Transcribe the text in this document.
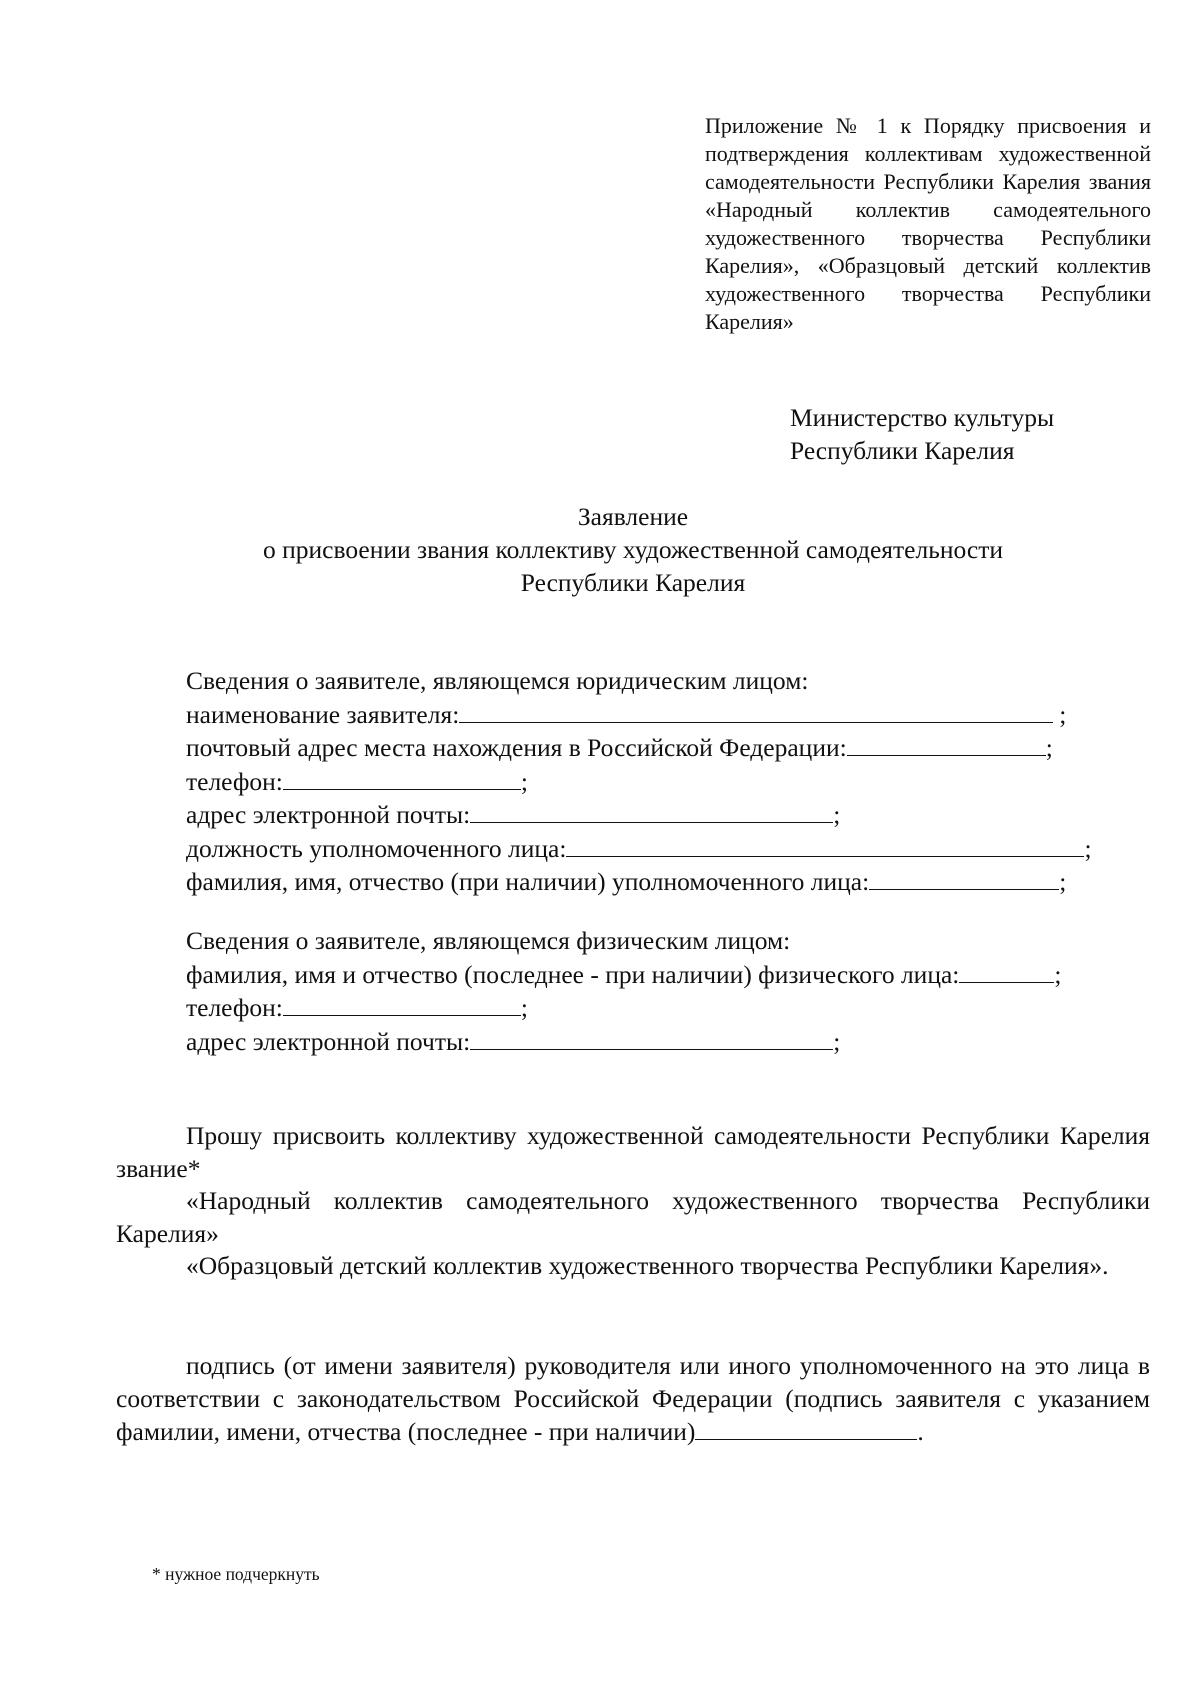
Приложение № 1 к Порядку присвоения и подтверждения коллективам художественной самодеятельности Республики Карелия звания «Народный коллектив самодеятельного художественного творчества Республики Карелия», «Образцовый детский коллектив художественного творчества Республики Карелия»
Министерство культуры
Республики Карелия
Заявление
о присвоении звания коллективу художественной самодеятельности
Республики Карелия
Сведения о заявителе, являющемся юридическим лицом:
наименование заявителя:	;
почтовый адрес места нахождения в Российской Федерации:	;
телефон:	;
адрес электронной почты:	;
должность уполномоченного лица:	;
фамилия, имя, отчество (при наличии) уполномоченного лица:	;
Сведения о заявителе, являющемся физическим лицом:
фамилия, имя и отчество (последнее - при наличии) физического лица:	;
телефон:	;
адрес электронной почты:	;

Прошу присвоить коллективу художественной самодеятельности Республики Карелия звание*

«Народный коллектив самодеятельного художественного творчества Республики Карелия»

«Образцовый детский коллектив художественного творчества Республики Карелия».

подпись (от имени заявителя) руководителя или иного уполномоченного на это лица в соответствии с законодательством Российской Федерации (подпись заявителя с указанием фамилии, имени, отчества (последнее - при наличии)	.

* нужное подчеркнуть
